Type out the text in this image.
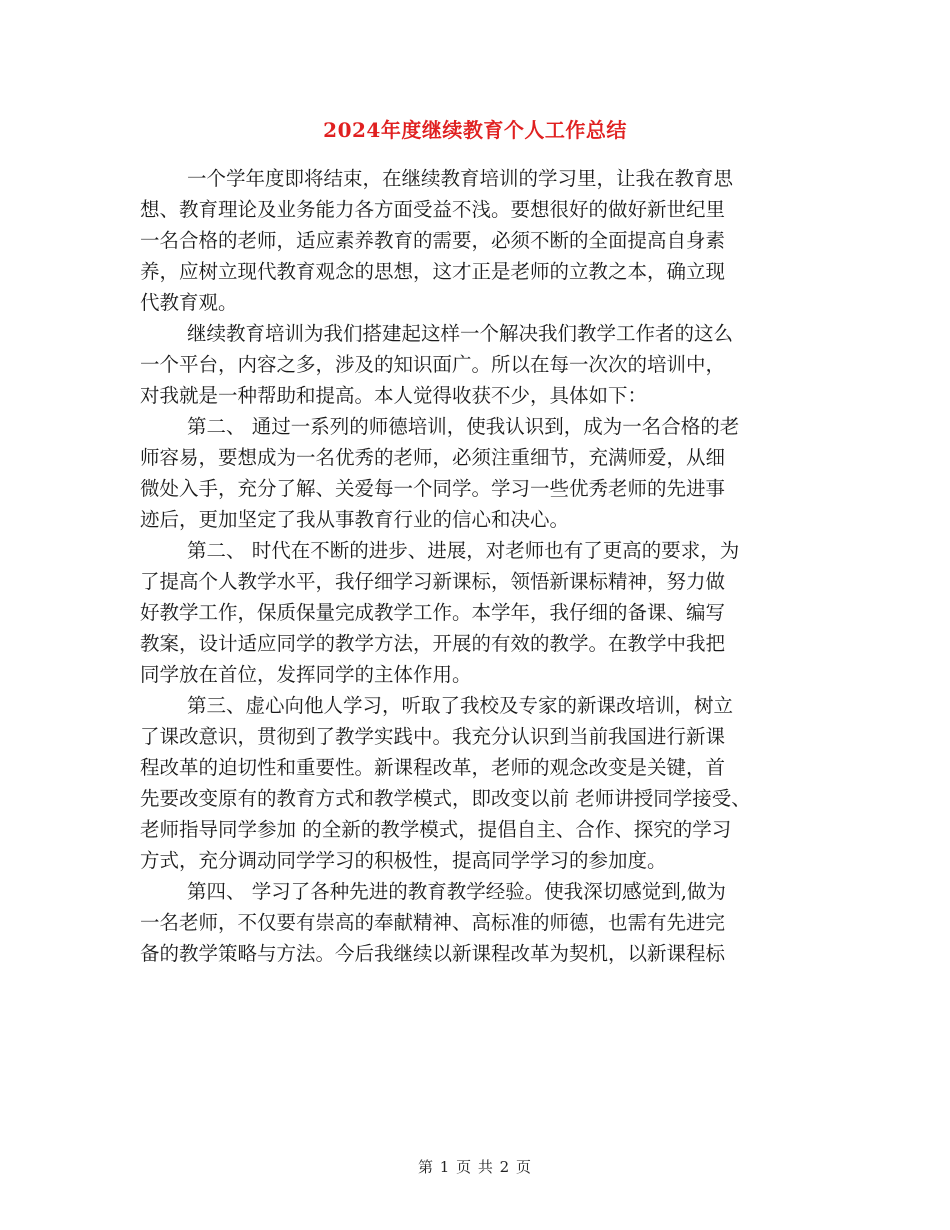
2024年度继续教育个人工作总结
一个学年度即将结束，在继续教育培训的学习里，让我在教育思
想、教育理论及业务能力各方面受益不浅。要想很好的做好新世纪里
一名合格的老师，适应素养教育的需要，必须不断的全面提高自身素
养，应树立现代教育观念的思想，这才正是老师的立教之本，确立现
代教育观。
继续教育培训为我们搭建起这样一个解决我们教学工作者的这么
一个平台，内容之多，涉及的知识面广。所以在每一次次的培训中，
对我就是一种帮助和提高。本人觉得收获不少，具体如下：
第二、 通过一系列的师德培训，使我认识到，成为一名合格的老
师容易，要想成为一名优秀的老师，必须注重细节，充满师爱，从细
微处入手，充分了解、关爱每一个同学。学习一些优秀老师的先进事
迹后，更加坚定了我从事教育行业的信心和决心。
第二、 时代在不断的进步、进展，对老师也有了更高的要求，为
了提高个人教学水平，我仔细学习新课标，领悟新课标精神，努力做
好教学工作，保质保量完成教学工作。本学年，我仔细的备课、编写
教案，设计适应同学的教学方法，开展的有效的教学。在教学中我把
同学放在首位，发挥同学的主体作用。
第三、虚心向他人学习，听取了我校及专家的新课改培训，树立
了课改意识，贯彻到了教学实践中。我充分认识到当前我国进行新课
程改革的迫切性和重要性。新课程改革，老师的观念改变是关键，首
先要改变原有的教育方式和教学模式，即改变以前 老师讲授同学接受、
老师指导同学参加 的全新的教学模式，提倡自主、合作、探究的学习
方式，充分调动同学学习的积极性，提高同学学习的参加度。
第四、 学习了各种先进的教育教学经验。使我深切感觉到,做为
一名老师，不仅要有崇高的奉献精神、高标准的师德，也需有先进完
备的教学策略与方法。今后我继续以新课程改革为契机，以新课程标
第 1 页 共 2 页
